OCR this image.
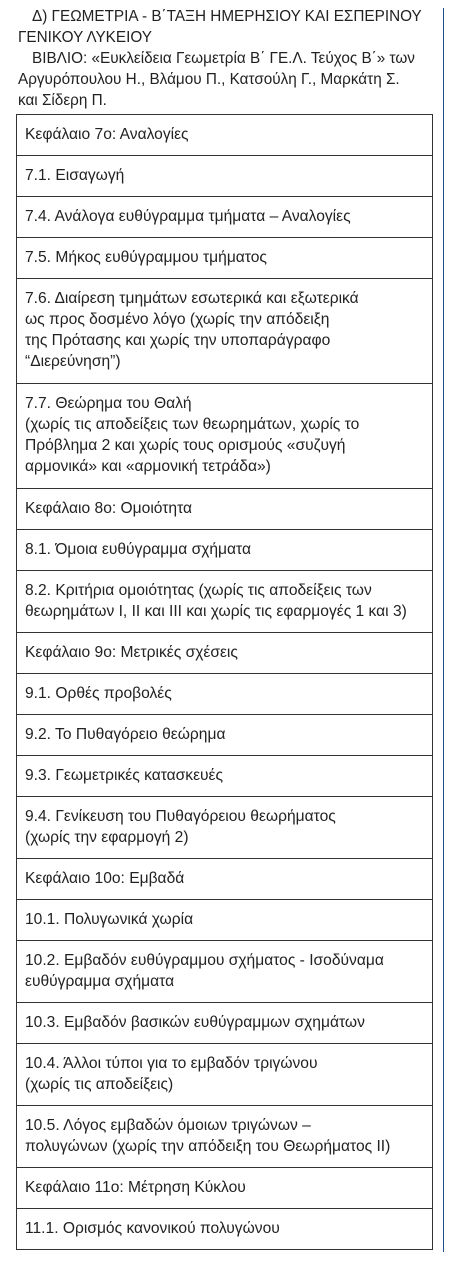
Δ) ΓΕΩΜΕΤΡΙΑ - Β΄ΤΑΞΗ ΗΜΕΡΗΣΙΟΥ ΚΑΙ ΕΣΠΕΡΙΝΟΥ
ΓΕΝΙΚΟΥ ΛΥΚΕΙΟΥ
ΒΙΒΛΙΟ: «Ευκλείδεια Γεωμετρία Β΄ ΓΕ.Λ. Τεύχος Β΄» των
Αργυρόπουλου Η., Βλάμου Π., Κατσούλη Γ., Μαρκάτη Σ.
και Σίδερη Π.
Κεφάλαιο 7ο: Αναλογίες
7.1. Εισαγωγή
7.4. Ανάλογα ευθύγραμμα τμήματα – Αναλογίες
7.5. Μήκος ευθύγραμμου τμήματος
7.6. Διαίρεση τμημάτων εσωτερικά και εξωτερικά
ως προς δοσμένο λόγο (χωρίς την απόδειξη
της Πρότασης και χωρίς την υποπαράγραφο
“Διερεύνηση”)
7.7. Θεώρημα του Θαλή
(χωρίς τις αποδείξεις των θεωρημάτων, χωρίς το
Πρόβλημα 2 και χωρίς τους ορισμούς «συζυγή
αρμονικά» και «αρμονική τετράδα»)
Κεφάλαιο 8ο: Ομοιότητα
8.1. Όμοια ευθύγραμμα σχήματα
8.2. Κριτήρια ομοιότητας (χωρίς τις αποδείξεις των
θεωρημάτων Ι, ΙΙ και ΙΙΙ και χωρίς τις εφαρμογές 1 και 3)
Κεφάλαιο 9ο: Μετρικές σχέσεις
9.1. Ορθές προβολές
9.2. Το Πυθαγόρειο θεώρημα
9.3. Γεωμετρικές κατασκευές
9.4. Γενίκευση του Πυθαγόρειου θεωρήματος
(χωρίς την εφαρμογή 2)
Κεφάλαιο 10ο: Εμβαδά
10.1. Πολυγωνικά χωρία
10.2. Εμβαδόν ευθύγραμμου σχήματος - Ισοδύναμα
ευθύγραμμα σχήματα
10.3. Εμβαδόν βασικών ευθύγραμμων σχημάτων
10.4. Άλλοι τύποι για το εμβαδόν τριγώνου
(χωρίς τις αποδείξεις)
10.5. Λόγος εμβαδών όμοιων τριγώνων –
πολυγώνων (χωρίς την απόδειξη του Θεωρήματος ΙΙ)
Κεφάλαιο 11ο: Μέτρηση Κύκλου
11.1. Ορισμός κανονικού πολυγώνου
